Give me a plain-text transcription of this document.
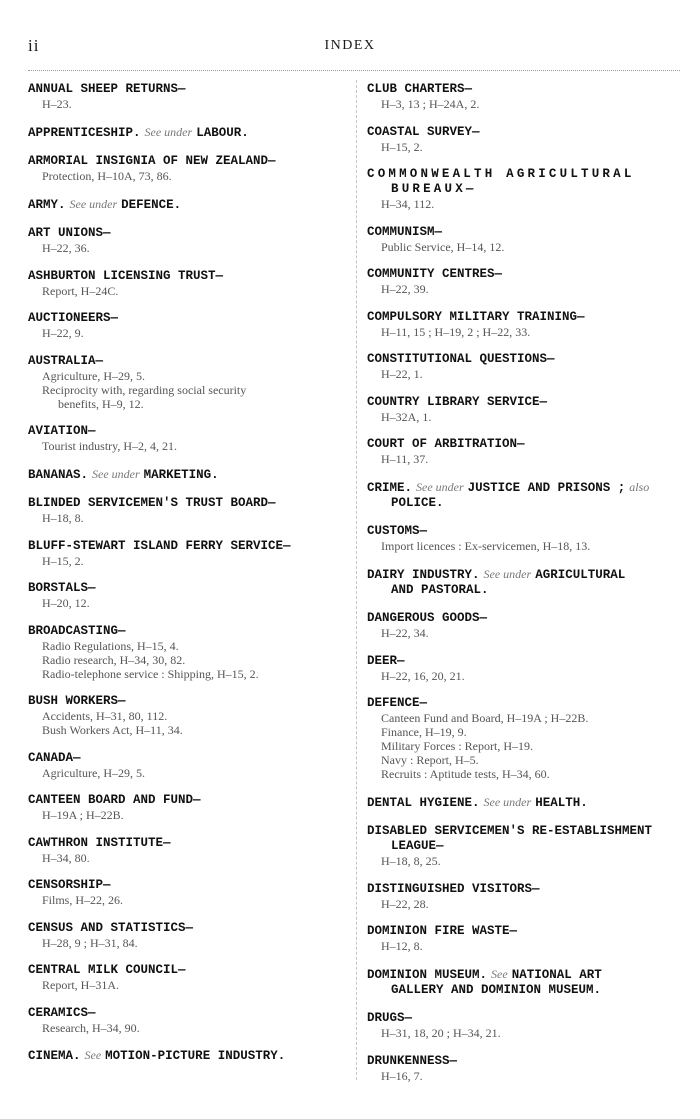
ii	INDEX
ANNUAL SHEEP RETURNS—
H–23.
APPRENTICESHIP. See under LABOUR.
ARMORIAL INSIGNIA OF NEW ZEALAND—
Protection, H–10A, 73, 86.
ARMY. See under DEFENCE.
ART UNIONS—
H–22, 36.
ASHBURTON LICENSING TRUST—
Report, H–24C.
AUCTIONEERS—
H–22, 9.
AUSTRALIA—
Agriculture, H–29, 5.
Reciprocity with, regarding social security
benefits, H–9, 12.
AVIATION—
Tourist industry, H–2, 4, 21.
BANANAS. See under MARKETING.
BLINDED SERVICEMEN'S TRUST BOARD—
H–18, 8.
BLUFF-STEWART ISLAND FERRY SERVICE—
H–15, 2.
BORSTALS—
H–20, 12.
BROADCASTING—
Radio Regulations, H–15, 4.
Radio research, H–34, 30, 82.
Radio-telephone service : Shipping, H–15, 2.
BUSH WORKERS—
Accidents, H–31, 80, 112.
Bush Workers Act, H–11, 34.
CANADA—
Agriculture, H–29, 5.
CANTEEN BOARD AND FUND—
H–19A ; H–22B.
CAWTHRON INSTITUTE—
H–34, 80.
CENSORSHIP—
Films, H–22, 26.
CENSUS AND STATISTICS—
H–28, 9 ; H–31, 84.
CENTRAL MILK COUNCIL—
Report, H–31A.
CERAMICS—
Research, H–34, 90.
CINEMA. See MOTION-PICTURE INDUSTRY.
CLUB CHARTERS—
H–3, 13 ; H–24A, 2.
COASTAL SURVEY—
H–15, 2.
COMMONWEALTH AGRICULTURAL
BUREAUX—
H–34, 112.
COMMUNISM—
Public Service, H–14, 12.
COMMUNITY CENTRES—
H–22, 39.
COMPULSORY MILITARY TRAINING—
H–11, 15 ; H–19, 2 ; H–22, 33.
CONSTITUTIONAL QUESTIONS—
H–22, 1.
COUNTRY LIBRARY SERVICE—
H–32A, 1.
COURT OF ARBITRATION—
H–11, 37.
CRIME. See under JUSTICE AND PRISONS ; also
POLICE.
CUSTOMS—
Import licences : Ex-servicemen, H–18, 13.
DAIRY INDUSTRY. See under AGRICULTURAL
AND PASTORAL.
DANGEROUS GOODS—
H–22, 34.
DEER—
H–22, 16, 20, 21.
DEFENCE—
Canteen Fund and Board, H–19A ; H–22B.
Finance, H–19, 9.
Military Forces : Report, H–19.
Navy : Report, H–5.
Recruits : Aptitude tests, H–34, 60.
DENTAL HYGIENE. See under HEALTH.
DISABLED SERVICEMEN'S RE-ESTABLISHMENT
LEAGUE—
H–18, 8, 25.
DISTINGUISHED VISITORS—
H–22, 28.
DOMINION FIRE WASTE—
H–12, 8.
DOMINION MUSEUM. See NATIONAL ART
GALLERY AND DOMINION MUSEUM.
DRUGS—
H–31, 18, 20 ; H–34, 21.
DRUNKENNESS—
H–16, 7.
